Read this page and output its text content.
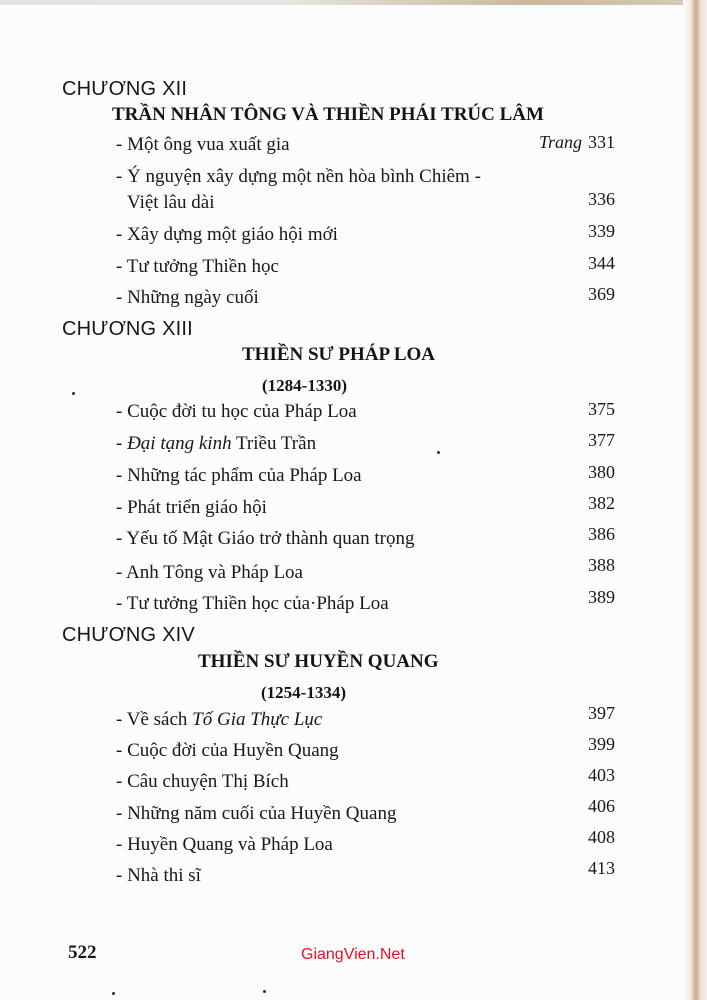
CHƯƠNG XII
TRẦN NHÂN TÔNG VÀ THIỀN PHÁI TRÚC LÂM
- Một ông vua xuất gia	Trang 331
- Ý nguyện xây dựng một nền hòa bình Chiêm -
Việt lâu dài	336
- Xây dựng một giáo hội mới	339
- Tư tưởng Thiền học	344
- Những ngày cuối	369
CHƯƠNG XIII
THIỀN SƯ PHÁP LOA
(1284-1330)
- Cuộc đời tu học của Pháp Loa	375
- Đại tạng kinh Triều Trần	377
- Những tác phẩm của Pháp Loa	380
- Phát triển giáo hội	382
- Yếu tố Mật Giáo trở thành quan trọng	386
- Anh Tông và Pháp Loa	388
- Tư tưởng Thiền học của·Pháp Loa	389
CHƯƠNG XIV
THIỀN SƯ HUYỀN QUANG
(1254-1334)
- Về sách Tố Gia Thực Lục	397
- Cuộc đời của Huyền Quang	399
- Câu chuyện Thị Bích	403
- Những năm cuối của Huyền Quang	406
- Huyền Quang và Pháp Loa	408
- Nhà thi sĩ	413
522	GiangVien.Net
